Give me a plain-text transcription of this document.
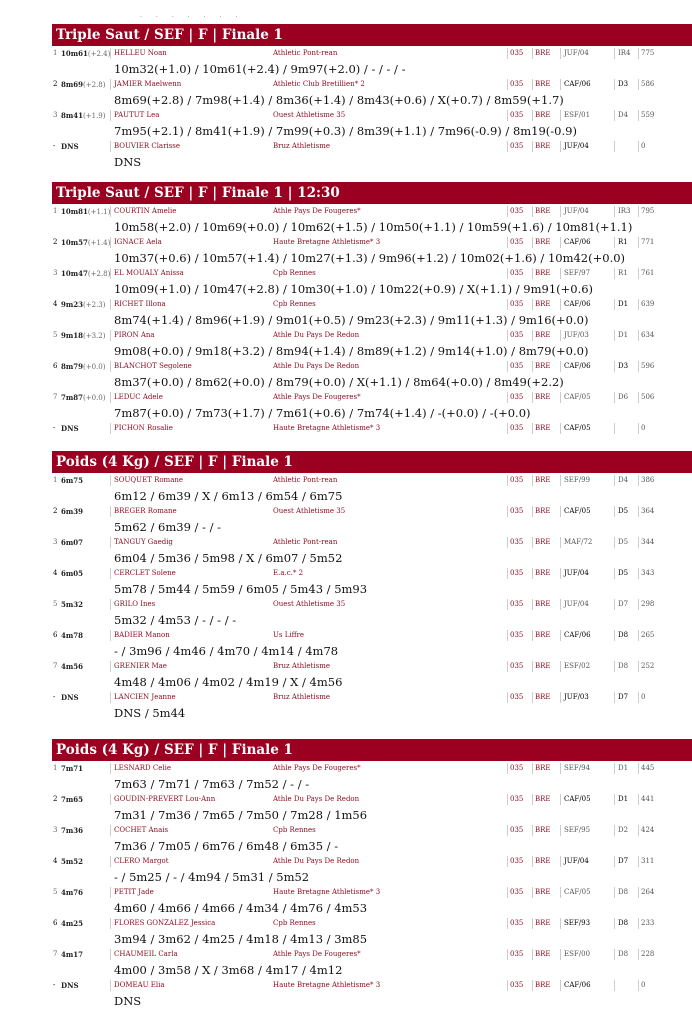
·······
Triple Saut / SEF | F | Finale 1
1	HELLEU Noan	Athletic Pont-rean	035 BRE JUF/04	IR4 775
10m61(+2.4)
10m32(+1.0) / 10m61(+2.4) / 9m97(+2.0) / - / - / -
2	JAMIER Maelwenn	Athletic Club Bretillien* 2	035 BRE CAF/06	D3 586
8m69(+2.8)
8m69(+2.8) / 7m98(+1.4) / 8m36(+1.4) / 8m43(+0.6) / X(+0.7) / 8m59(+1.7)
3	PAUTUT Lea	Ouest Athletisme 35	035 BRE ESF/01	D4 559
8m41(+1.9)
7m95(+2.1) / 8m41(+1.9) / 7m99(+0.3) / 8m39(+1.1) / 7m96(-0.9) / 8m19(-0.9)
-	BOUVIER Clarisse	Bruz Athletisme	035 BRE JUF/04	0
DNS
DNS
Triple Saut / SEF | F | Finale 1 | 12:30
1	COURTIN Amelie	Athle Pays De Fougeres*	035 BRE JUF/04	IR3 795
10m81(+1.1)
10m58(+2.0) / 10m69(+0.0) / 10m62(+1.5) / 10m50(+1.1) / 10m59(+1.6) / 10m81(+1.1)
2	IGNACE Aela	Haute Bretagne Athletisme* 3	035 BRE CAF/06	R1 771
10m57(+1.4)
10m37(+0.6) / 10m57(+1.4) / 10m27(+1.3) / 9m96(+1.2) / 10m02(+1.6) / 10m42(+0.0)
3	EL MOUALY Anissa	Cpb Rennes	035 BRE SEF/97	R1 761
10m47(+2.8)
10m09(+1.0) / 10m47(+2.8) / 10m30(+1.0) / 10m22(+0.9) / X(+1.1) / 9m91(+0.6)
4	RICHET Illona	Cpb Rennes	035 BRE CAF/06	D1 639
9m23(+2.3)
8m74(+1.4) / 8m96(+1.9) / 9m01(+0.5) / 9m23(+2.3) / 9m11(+1.3) / 9m16(+0.0)
5	PIRON Ana	Athle Du Pays De Redon	035 BRE JUF/03	D1 634
9m18(+3.2)
9m08(+0.0) / 9m18(+3.2) / 8m94(+1.4) / 8m89(+1.2) / 9m14(+1.0) / 8m79(+0.0)
6	BLANCHOT Segolene	Athle Du Pays De Redon	035 BRE CAF/06	D3 596
8m79(+0.0)
8m37(+0.0) / 8m62(+0.0) / 8m79(+0.0) / X(+1.1) / 8m64(+0.0) / 8m49(+2.2)
7	LEDUC Adele	Athle Pays De Fougeres*	035 BRE CAF/05	D6 506
7m87(+0.0)
7m87(+0.0) / 7m73(+1.7) / 7m61(+0.6) / 7m74(+1.4) / -(+0.0) / -(+0.0)
-	PICHON Rosalie	Haute Bretagne Athletisme* 3	035 BRE CAF/05	0
DNS
Poids (4 Kg) / SEF | F | Finale 1
1	SOUQUET Romane	Athletic Pont-rean	035 BRE SEF/99	D4 386
6m75
6m12 / 6m39 / X / 6m13 / 6m54 / 6m75
2	BREGER Romane	Ouest Athletisme 35	035 BRE CAF/05	D5 364
6m39
5m62 / 6m39 / - / -
3	TANGUY Gaedig	Athletic Pont-rean	035 BRE MAF/72	D5 344
6m07
6m04 / 5m36 / 5m98 / X / 6m07 / 5m52
4	CERCLET Solene	E.a.c.* 2	035 BRE JUF/04	D5 343
6m05
5m78 / 5m44 / 5m59 / 6m05 / 5m43 / 5m93
5	GRILO Ines	Ouest Athletisme 35	035 BRE JUF/04	D7 298
5m32
5m32 / 4m53 / - / - / -
6	BADIER Manon	Us Liffre	035 BRE CAF/06	D8 265
4m78
- / 3m96 / 4m46 / 4m70 / 4m14 / 4m78
7	GRENIER Mae	Bruz Athletisme	035 BRE ESF/02	D8 252
4m56
4m48 / 4m06 / 4m02 / 4m19 / X / 4m56
-	LANCIEN Jeanne	Bruz Athletisme	035 BRE JUF/03	D7 0
DNS
DNS / 5m44
Poids (4 Kg) / SEF | F | Finale 1
1	LESNARD Celie	Athle Pays De Fougeres*	035 BRE SEF/94	D1 445
7m71
7m63 / 7m71 / 7m63 / 7m52 / - / -
2	GOUDIN-PREVERT Lou-Ann	Athle Du Pays De Redon	035 BRE CAF/05	D1 441
7m65
7m31 / 7m36 / 7m65 / 7m50 / 7m28 / 1m56
3	COCHET Anais	Cpb Rennes	035 BRE SEF/95	D2 424
7m36
7m36 / 7m05 / 6m76 / 6m48 / 6m35 / -
4	CLERO Margot	Athle Du Pays De Redon	035 BRE JUF/04	D7 311
5m52
- / 5m25 / - / 4m94 / 5m31 / 5m52
5	PETIT Jade	Haute Bretagne Athletisme* 3	035 BRE CAF/05	D8 264
4m76
4m60 / 4m66 / 4m66 / 4m34 / 4m76 / 4m53
6	FLORES GONZALEZ Jessica	Cpb Rennes	035 BRE SEF/93	D8 233
4m25
3m94 / 3m62 / 4m25 / 4m18 / 4m13 / 3m85
7	CHAUMEIL Carla	Athle Pays De Fougeres*	035 BRE ESF/00	D8 228
4m17
4m00 / 3m58 / X / 3m68 / 4m17 / 4m12
-	DOMEAU Elia	Haute Bretagne Athletisme* 3	035 BRE CAF/06	0
DNS
DNS
